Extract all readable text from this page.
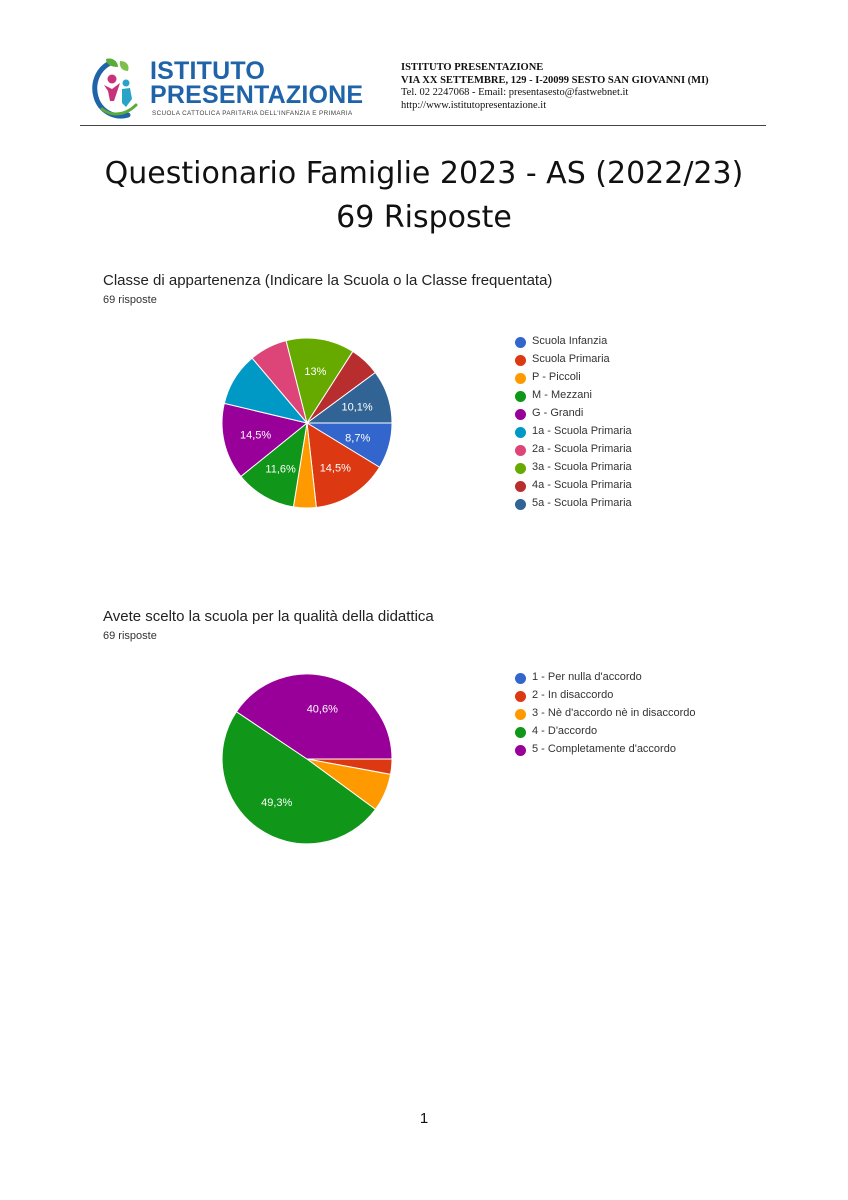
ISTITUTO
PRESENTAZIONE
SCUOLA CATTOLICA PARITARIA DELL'INFANZIA E PRIMARIA
ISTITUTO PRESENTAZIONE
VIA XX SETTEMBRE, 129 - I-20099 SESTO SAN GIOVANNI (MI)
Tel. 02 2247068 - Email: presentasesto@fastwebnet.it
http://www.istitutopresentazione.it
Questionario Famiglie 2023 - AS (2022/23)
69 Risposte
Classe di appartenenza (Indicare la Scuola o la Classe frequentata)
69 risposte
8,7%
14,5%
11,6%
14,5%
13%
10,1%
Scuola Infanzia
Scuola Primaria
P - Piccoli
M - Mezzani
G - Grandi
1a - Scuola Primaria
2a - Scuola Primaria
3a - Scuola Primaria
4a - Scuola Primaria
5a - Scuola Primaria
Avete scelto la scuola per la qualità della didattica
69 risposte
49,3%
40,6%
1 - Per nulla d'accordo
2 - In disaccordo
3 - Nè d'accordo nè in disaccordo
4 - D'accordo
5 - Completamente d'accordo
1
